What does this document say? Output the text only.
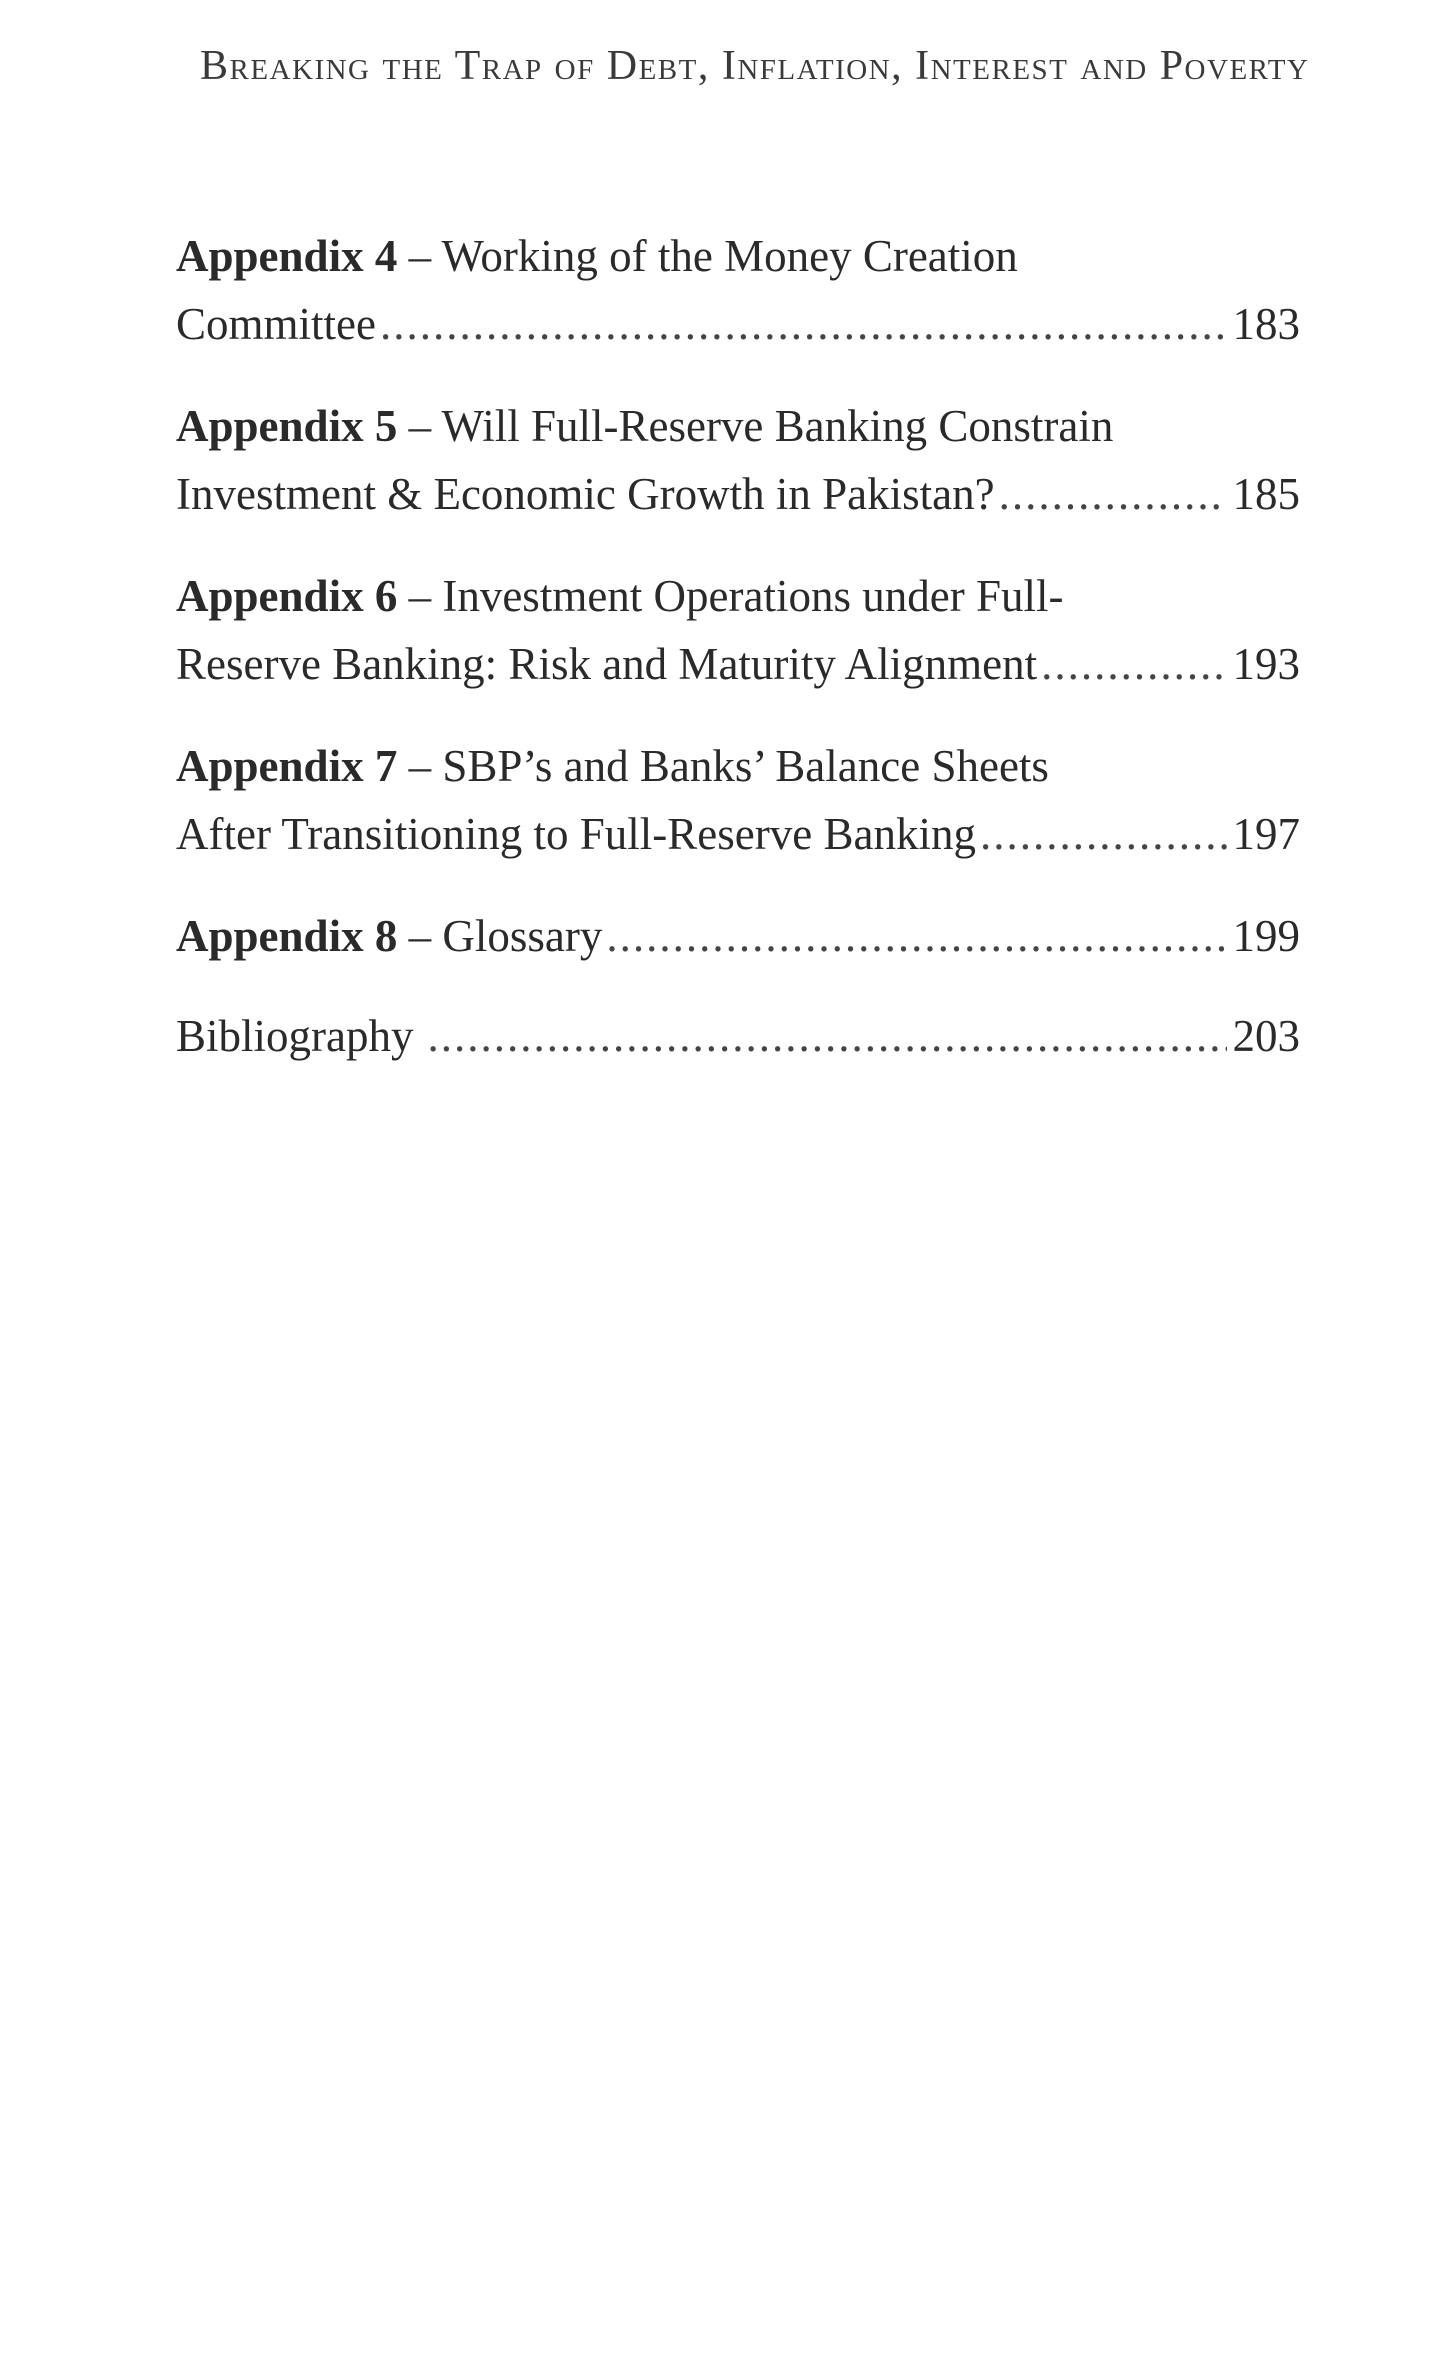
Breaking the Trap of Debt, Inflation, Interest and Poverty
Appendix 4 – Working of the Money Creation
Committee .....	183
Appendix 5 – Will Full-Reserve Banking Constrain
Investment & Economic Growth in Pakistan? .....	185
Appendix 6 – Investment Operations under Full-
Reserve Banking: Risk and Maturity Alignment .....	193
Appendix 7 – SBP’s and Banks’ Balance Sheets
After Transitioning to Full-Reserve Banking .....	197
Appendix 8 – Glossary .....	199
Bibliography .....	203
